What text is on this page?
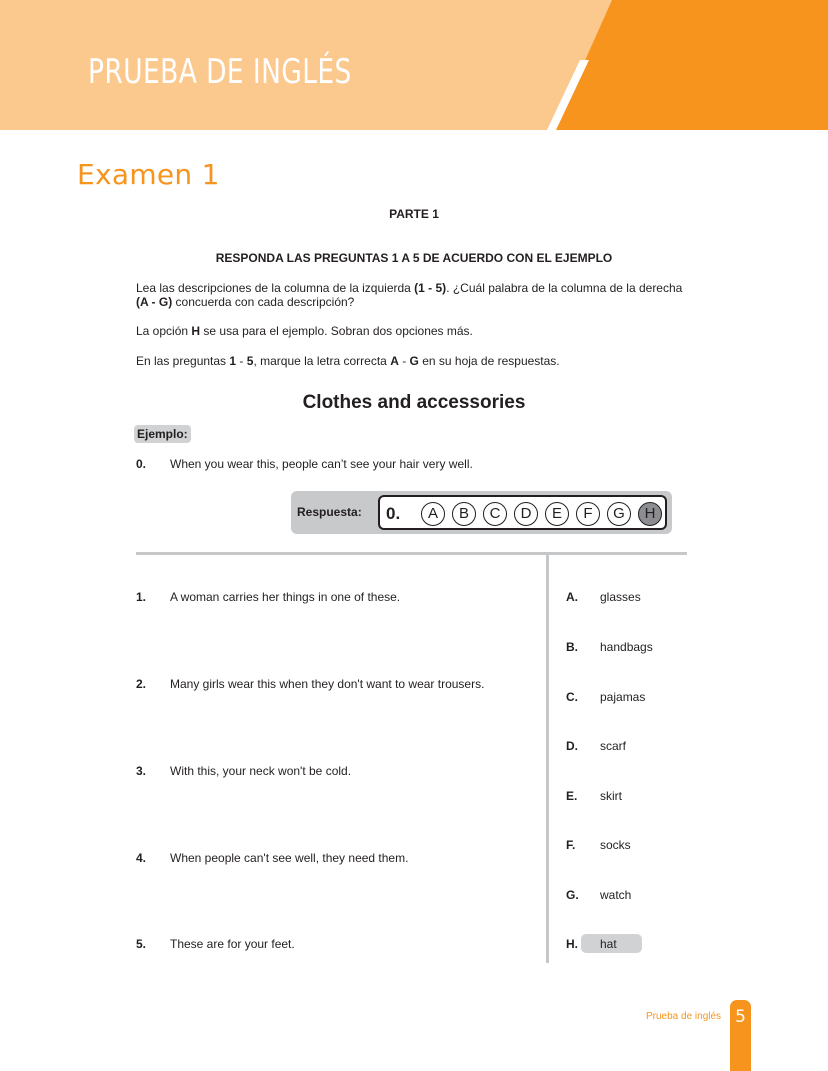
PRUEBA DE INGLÉS
Examen 1
PARTE 1
RESPONDA LAS PREGUNTAS 1 A 5 DE ACUERDO CON EL EJEMPLO
Lea las descripciones de la columna de la izquierda (1 - 5). ¿Cuál palabra de la columna de la derecha
(A - G) concuerda con cada descripción?
La opción H se usa para el ejemplo. Sobran dos opciones más.
En las preguntas 1 - 5, marque la letra correcta A - G en su hoja de respuestas.
Clothes and accessories
Ejemplo:
0. When you wear this, people can’t see your hair very well.
Respuesta: 0.	A	B	C	D	E	F	G	H
1. A woman carries her things in one of these.
2. Many girls wear this when they don't want to wear trousers.
3. With this, your neck won't be cold.
4. When people can't see well, they need them.
5. These are for your feet.
A. glasses
B. handbags
C. pajamas
D. scarf
E. skirt
F. socks
G. watch
H. hat
Prueba de inglés 5
